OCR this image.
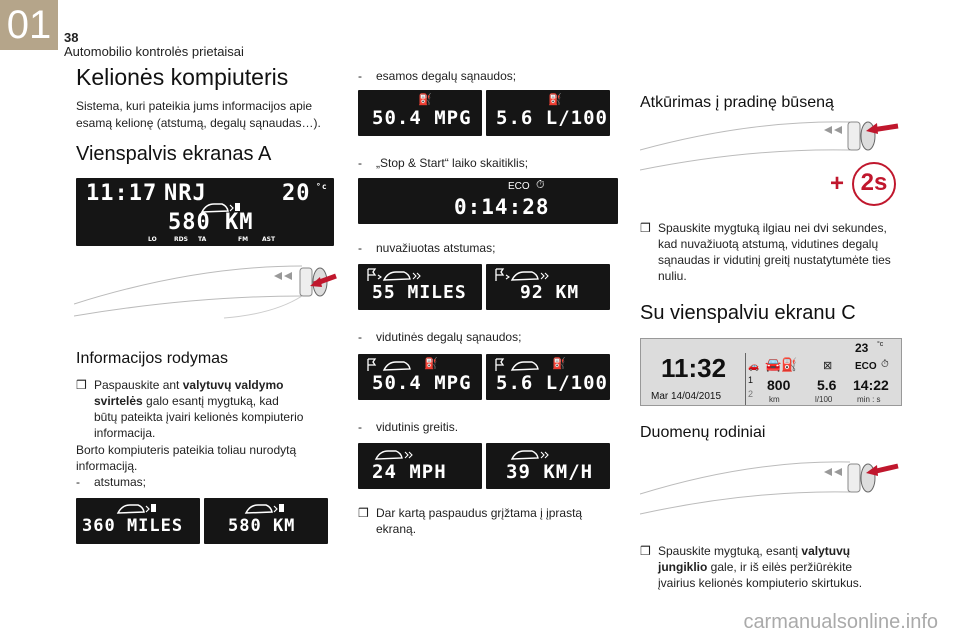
01 38
Automobilio kontrolės prietaisai
Kelionės kompiuteris
Sistema, kuri pateikia jums informacijos apie
esamą kelionę (atstumą, degalų sąnaudas…).
Vienspalvis ekranas A
11:17 NRJ	20 °c
580 KM
LO	RDS TA	FM AST
Informacijos rodymas
❒ Paspauskite ant valytuvų valdymo
svirtelės galo esantį mygtuką, kad
būtų pateikta įvairi kelionės kompiuterio
informacija.
Borto kompiuteris pateikia toliau nurodytą
informaciją.
- atstumas;
360 MILES	580 KM
- esamos degalų sąnaudos;
⛽
50.4 MPG
⛽
5.6 L/100
- „Stop & Start“ laiko skaitiklis;
ECO ⏱
0:14:28
- nuvažiuotas atstumas;
55 MILES	92 KM
- vidutinės degalų sąnaudos;
⛽
50.4 MPG
⛽
5.6 L/100
- vidutinis greitis.
24 MPH	39 KM/H
❒ Dar kartą paspaudus grįžtama į įprastą
ekraną.
Atkūrimas į pradinę būseną
+ 2s
❒ Spauskite mygtuką ilgiau nei dvi sekundes,
kad nuvažiuotą atstumą, vidutines degalų
sąnaudas ir vidutinį greitį nustatytumėte ties
nuliu.
Su vienspalviu ekranu C
11:32
Mar 14/04/2015
23 °c
🚗
1
2
🚘⛽ ⊠ ECO ⏱
800
km
5.6
l/100
14:22
min : s
Duomenų rodiniai
❒ Spauskite mygtuką, esantį valytuvų
jungiklio gale, ir iš eilės peržiūrėkite
įvairius kelionės kompiuterio skirtukus.
carmanualsonline.info
